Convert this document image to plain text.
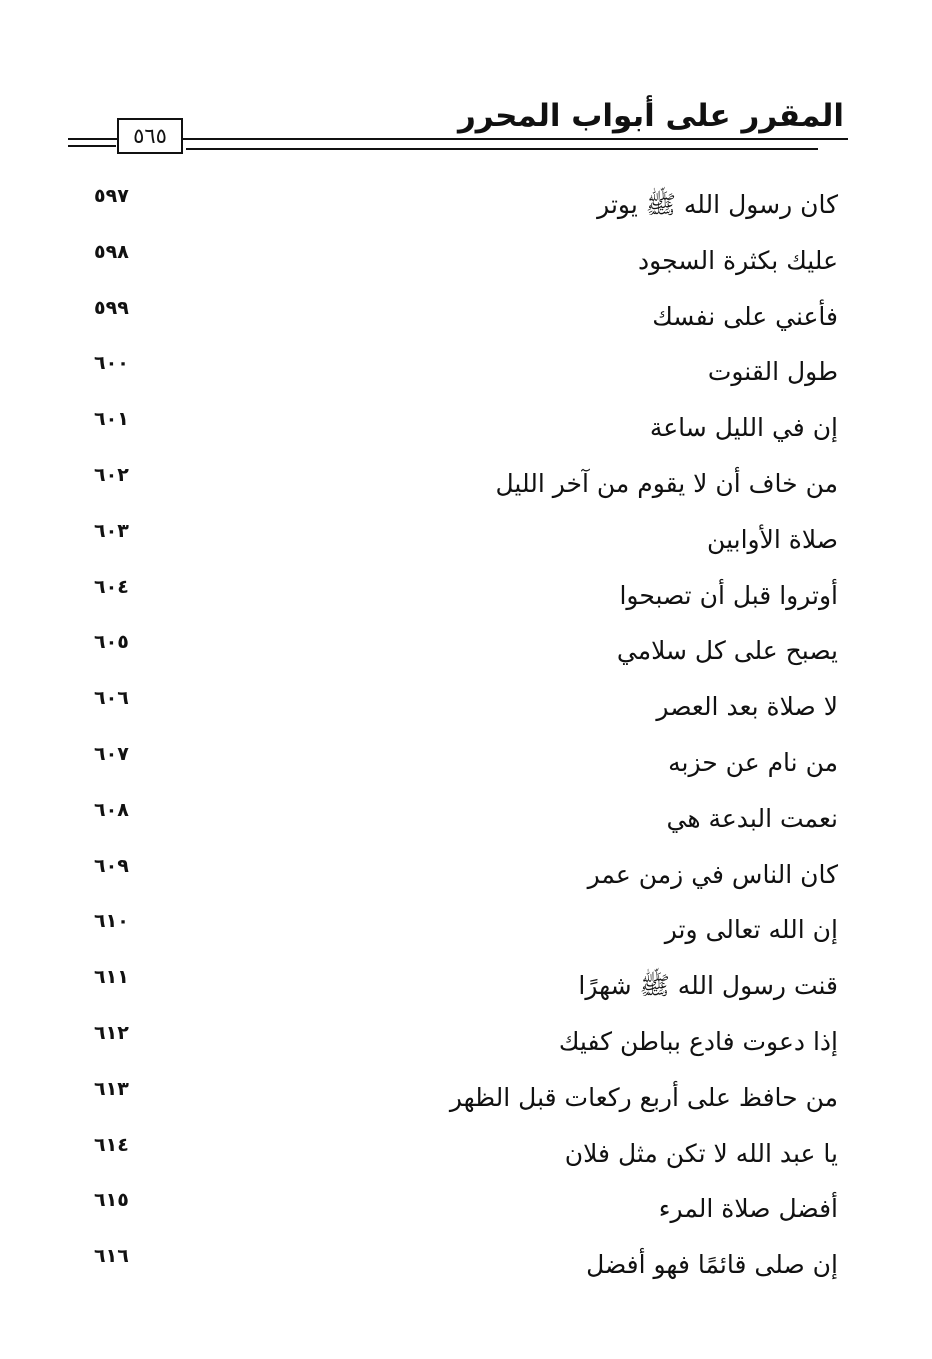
المقرر على أبواب المحرر
٥٦٥
كان رسول الله ﷺ يوتر
٥٩٧
عليك بكثرة السجود
٥٩٨
فأعني على نفسك
٥٩٩
طول القنوت
٦٠٠
إن في الليل ساعة
٦٠١
من خاف أن لا يقوم من آخر الليل
٦٠٢
صلاة الأوابين
٦٠٣
أوتروا قبل أن تصبحوا
٦٠٤
يصبح على كل سلامي
٦٠٥
لا صلاة بعد العصر
٦٠٦
من نام عن حزبه
٦٠٧
نعمت البدعة هي
٦٠٨
كان الناس في زمن عمر
٦٠٩
إن الله تعالى وتر
٦١٠
قنت رسول الله ﷺ شهرًا
٦١١
إذا دعوت فادع بباطن كفيك
٦١٢
من حافظ على أربع ركعات قبل الظهر
٦١٣
يا عبد الله لا تكن مثل فلان
٦١٤
أفضل صلاة المرء
٦١٥
إن صلى قائمًا فهو أفضل
٦١٦
